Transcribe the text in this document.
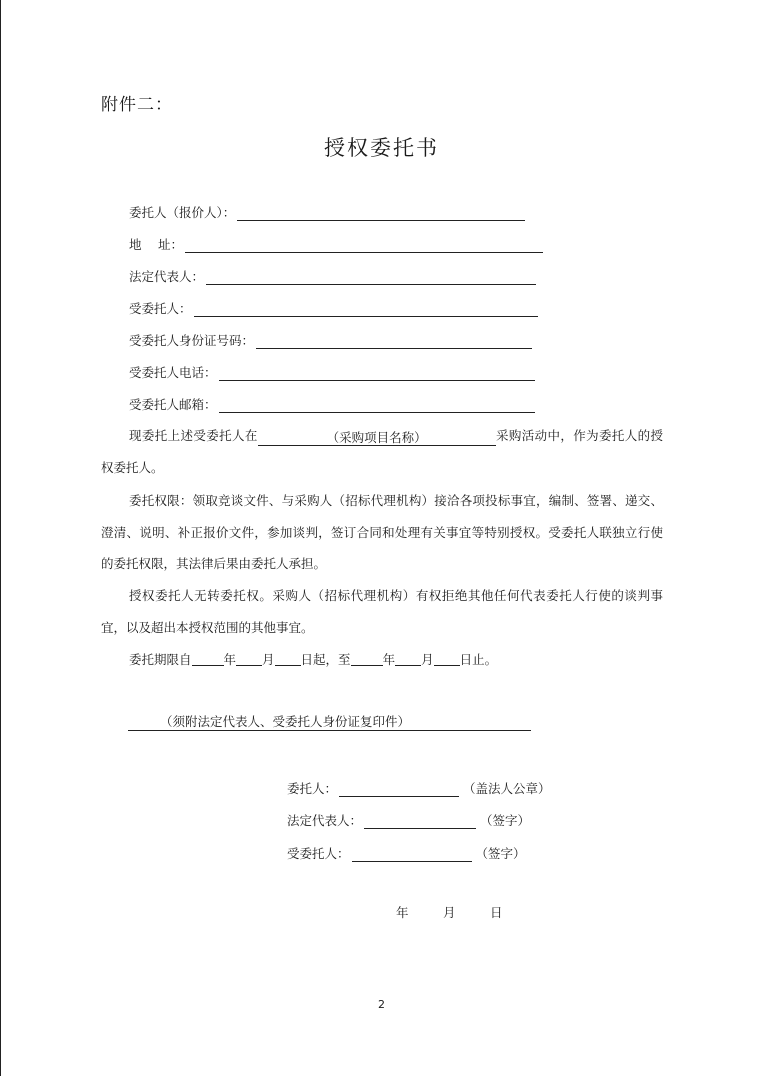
附件二：
授权委托书
委托人（报价人）：
地　 址：
法定代表人：
受委托人：
受委托人身份证号码：
受委托人电话：
受委托人邮箱：
现委托上述受委托人在	（采购项目名称）	采购活动中，作为委托人的授权委托人。
委托权限：领取竞谈文件、与采购人（招标代理机构）接洽各项投标事宜，编制、签署、递交、澄清、说明、补正报价文件，参加谈判，签订合同和处理有关事宜等特别授权。受委托人联独立行使的委托权限，其法律后果由委托人承担。
授权委托人无转委托权。采购人（招标代理机构）有权拒绝其他任何代表委托人行使的谈判事宜，以及超出本授权范围的其他事宜。
委托期限自	年 月 日起，至	年 月 日止。
（须附法定代表人、受委托人身份证复印件）
委托人：	（盖法人公章）
法定代表人：	（签字）
受委托人：	（签字）
年	月	日
2
